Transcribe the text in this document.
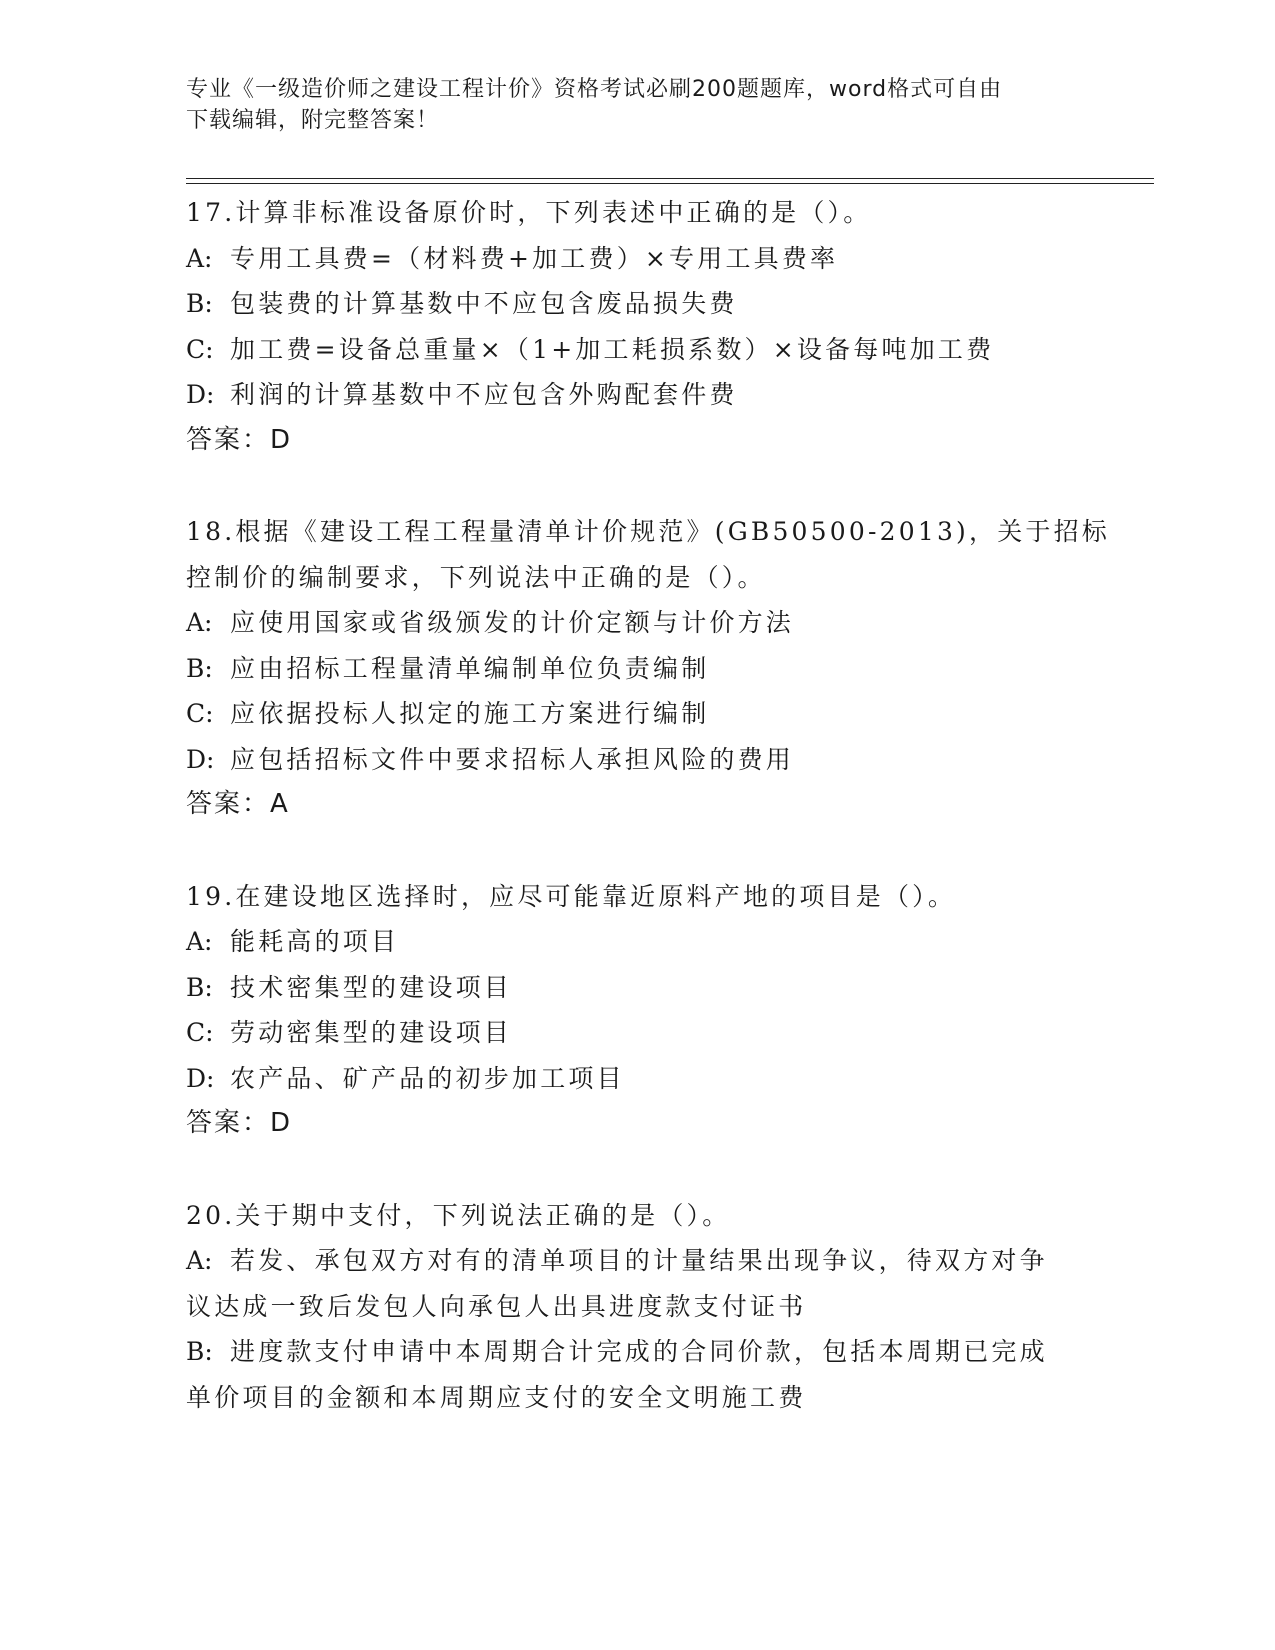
专业《一级造价师之建设工程计价》资格考试必刷200题题库，word格式可自由
下载编辑，附完整答案！
17.计算非标准设备原价时，下列表述中正确的是（）。
A: 专用工具费=（材料费+加工费）×专用工具费率
B: 包装费的计算基数中不应包含废品损失费
C: 加工费=设备总重量×（1+加工耗损系数）×设备每吨加工费
D: 利润的计算基数中不应包含外购配套件费
答案：D
18.根据《建设工程工程量清单计价规范》(GB50500-2013)，关于招标
控制价的编制要求，下列说法中正确的是（）。
A: 应使用国家或省级颁发的计价定额与计价方法
B: 应由招标工程量清单编制单位负责编制
C: 应依据投标人拟定的施工方案进行编制
D: 应包括招标文件中要求招标人承担风险的费用
答案：A
19.在建设地区选择时，应尽可能靠近原料产地的项目是（）。
A: 能耗高的项目
B: 技术密集型的建设项目
C: 劳动密集型的建设项目
D: 农产品、矿产品的初步加工项目
答案：D
20.关于期中支付，下列说法正确的是（）。
A: 若发、承包双方对有的清单项目的计量结果出现争议，待双方对争
议达成一致后发包人向承包人出具进度款支付证书
B: 进度款支付申请中本周期合计完成的合同价款，包括本周期已完成
单价项目的金额和本周期应支付的安全文明施工费
